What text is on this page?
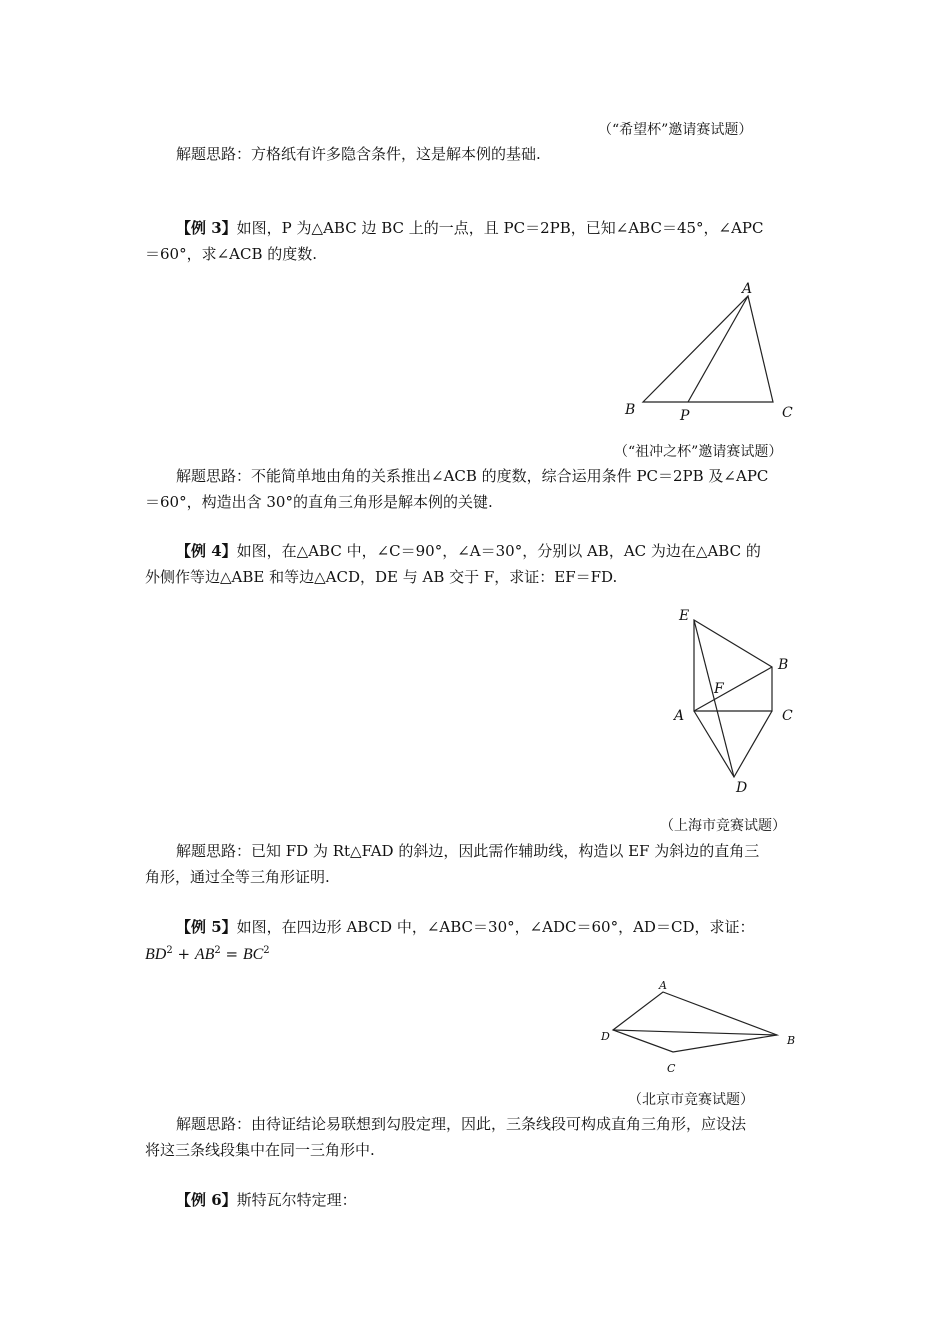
（“希望杯”邀请赛试题）
解题思路：方格纸有许多隐含条件，这是解本例的基础.
【例 3】如图，P 为△ABC 边 BC 上的一点，且 PC＝2PB，已知∠ABC＝45°，∠APC
＝60°，求∠ACB 的度数.
A
B	P	C
（“祖冲之杯”邀请赛试题）
解题思路：不能简单地由角的关系推出∠ACB 的度数，综合运用条件 PC＝2PB 及∠APC
＝60°，构造出含 30°的直角三角形是解本例的关键.
【例 4】如图，在△ABC 中，∠C＝90°，∠A＝30°，分别以 AB，AC 为边在△ABC 的
外侧作等边△ABE 和等边△ACD，DE 与 AB 交于 F，求证：EF＝FD.
E
B
F
A	C
D
（上海市竞赛试题）
解题思路：已知 FD 为 Rt△FAD 的斜边，因此需作辅助线，构造以 EF 为斜边的直角三
角形，通过全等三角形证明.
【例 5】如图，在四边形 ABCD 中，∠ABC＝30°，∠ADC＝60°，AD＝CD，求证：
$BD^2 + AB^2 = BC^2$
A
D	B
C
（北京市竞赛试题）
解题思路：由待证结论易联想到勾股定理，因此，三条线段可构成直角三角形，应设法
将这三条线段集中在同一三角形中.
【例 6】斯特瓦尔特定理：
